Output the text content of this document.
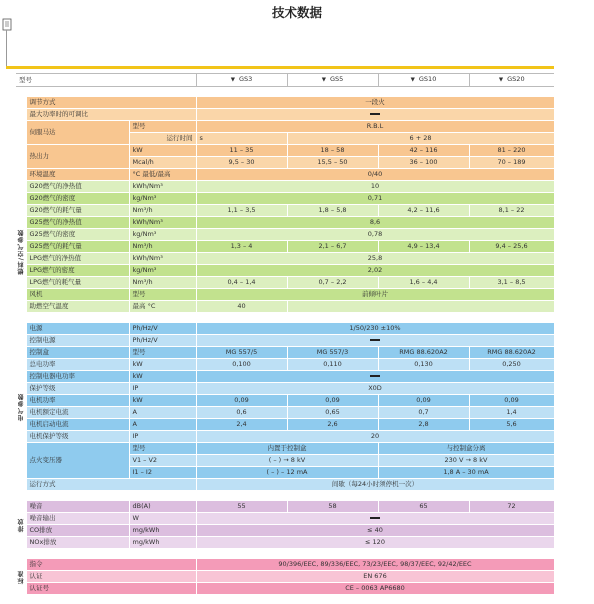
技术数据
型号			▼ GS3	▼ GS5	▼ GS10	▼ GS20

	调节方式		一段火			
	最大功率时的可调比					
	伺服马达	型号	R.B.L			
		运行时间	s	6 + 28		
	热出力	kW	11 – 35	18 – 58	42 – 116	81 – 220
		Mcal/h	9,5 – 30	15,5 – 50	36 – 100	70 – 189
	环境温度	°C 最低/最高	0/40			

燃料/空气参数	G20燃气的净热值	kWh/Nm³	10			
	G20燃气的密度	kg/Nm³	0,71			
	G20燃气的耗气量	Nm³/h	1,1 – 3,5	1,8 – 5,8	4,2 – 11,6	8,1 – 22
	G25燃气的净热值	kWh/Nm³	8,6			
	G25燃气的密度	kg/Nm³	0,78			
	G25燃气的耗气量	Nm³/h	1,3 – 4	2,1 – 6,7	4,9 – 13,4	9,4 – 25,6
	LPG燃气的净热值	kWh/Nm³	25,8			
	LPG燃气的密度	kg/Nm³	2,02			
	LPG燃气的耗气量	Nm³/h	0,4 – 1,4	0,7 – 2,2	1,6 – 4,4	3,1 – 8,5
	风机	型号	前倾叶片			
	助燃空气温度	最高 °C	40			

电气参数	电源	Ph/Hz/V	1/50/230 ±10%			
	控制电源	Ph/Hz/V				
	控制盒	型号	MG 557/5	MG 557/3	RMG 88.620A2	RMG 88.620A2
	总电功率	kW	0,100	0,110	0,130	0,250
	控制电器电功率	kW				
	保护等级	IP	X0D			
	电机功率	kW	0,09	0,09	0,09	0,09
	电机额定电流	A	0,6	0,65	0,7	1,4
	电机启动电流	A	2,4	2,6	2,8	5,6
	电机保护等级	IP	20			
	点火变压器	型号	内置于控制盒		与控制盒分离	
		V1 – V2	( – ) → 8 kV		230 V → 8 kV	
		I1 – I2	( – ) – 12 mA		1,8 A – 30 mA	
	运行方式		间歇（每24小时须停机一次）			

排放	噪音	dB(A)	55	58	65	72
	噪音输出	W				
	CO排放	mg/kWh	≤ 40			
	NOx排放	mg/kWh	≤ 120			

标准	指令		90/396/EEC, 89/336/EEC, 73/23/EEC, 98/37/EEC, 92/42/EEC			
	认证		EN 676			
	认证号		CE – 0063 AP6680			
